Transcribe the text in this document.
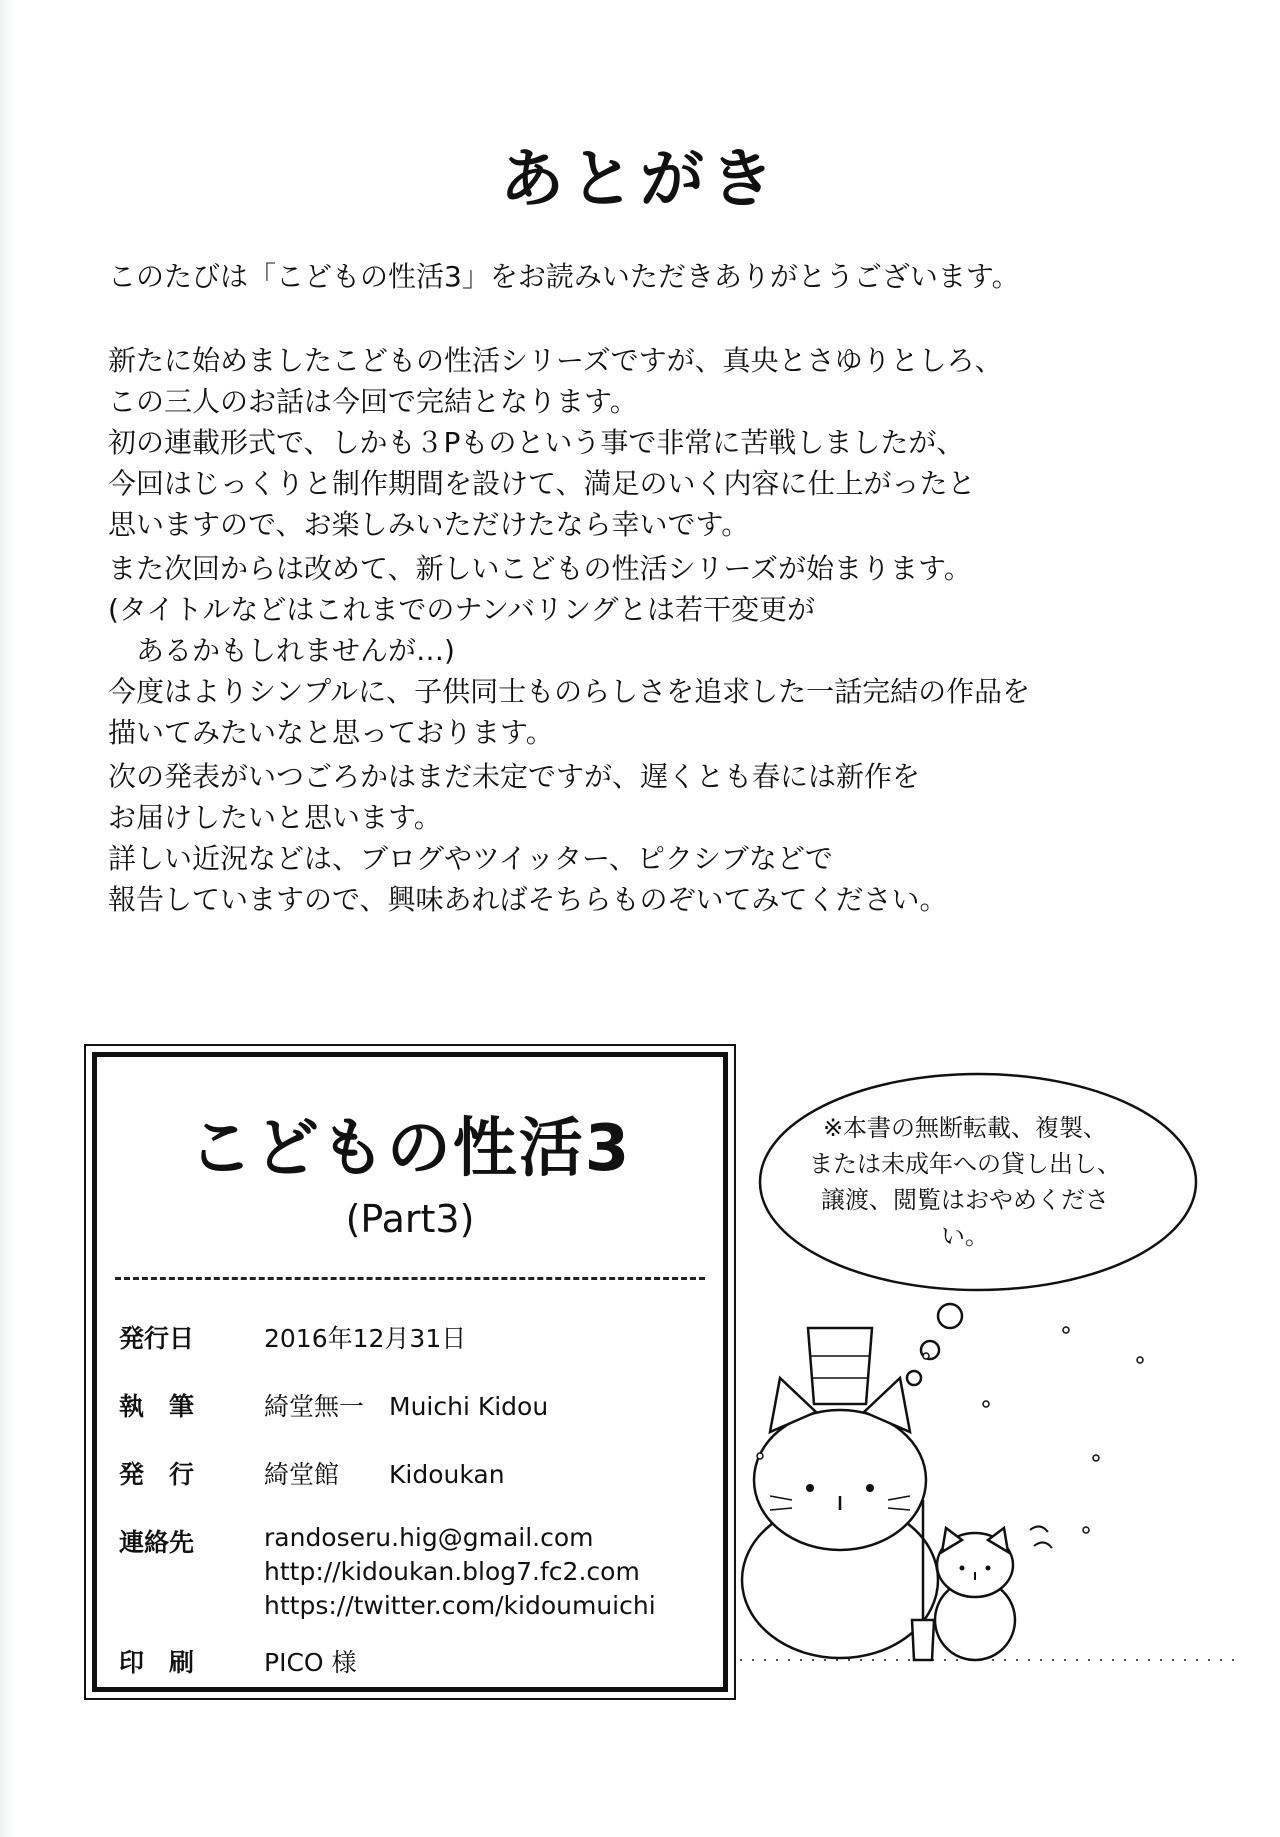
あとがき
このたびは「こどもの性活3」をお読みいただきありがとうございます。
新たに始めましたこどもの性活シリーズですが、真央とさゆりとしろ、
この三人のお話は今回で完結となります。
初の連載形式で、しかも３Pものという事で非常に苦戦しましたが、
今回はじっくりと制作期間を設けて、満足のいく内容に仕上がったと
思いますので、お楽しみいただけたなら幸いです。
また次回からは改めて、新しいこどもの性活シリーズが始まります。
(タイトルなどはこれまでのナンバリングとは若干変更が
　あるかもしれませんが…)
今度はよりシンプルに、子供同士ものらしさを追求した一話完結の作品を
描いてみたいなと思っております。
次の発表がいつごろかはまだ未定ですが、遅くとも春には新作を
お届けしたいと思います。
詳しい近況などは、ブログやツイッター、ピクシブなどで
報告していますので、興味あればそちらものぞいてみてください。
こどもの性活3
(Part3)
発行日	2016年12月31日
執　筆	綺堂無一　Muichi Kidou
発　行	綺堂館　　Kidoukan
連絡先	randoseru.hig@gmail.com
http://kidoukan.blog7.fc2.com
https://twitter.com/kidoumuichi
印　刷	PICO 様
※本書の無断転載、複製、
または未成年への貸し出し、
譲渡、閲覧はおやめください。
